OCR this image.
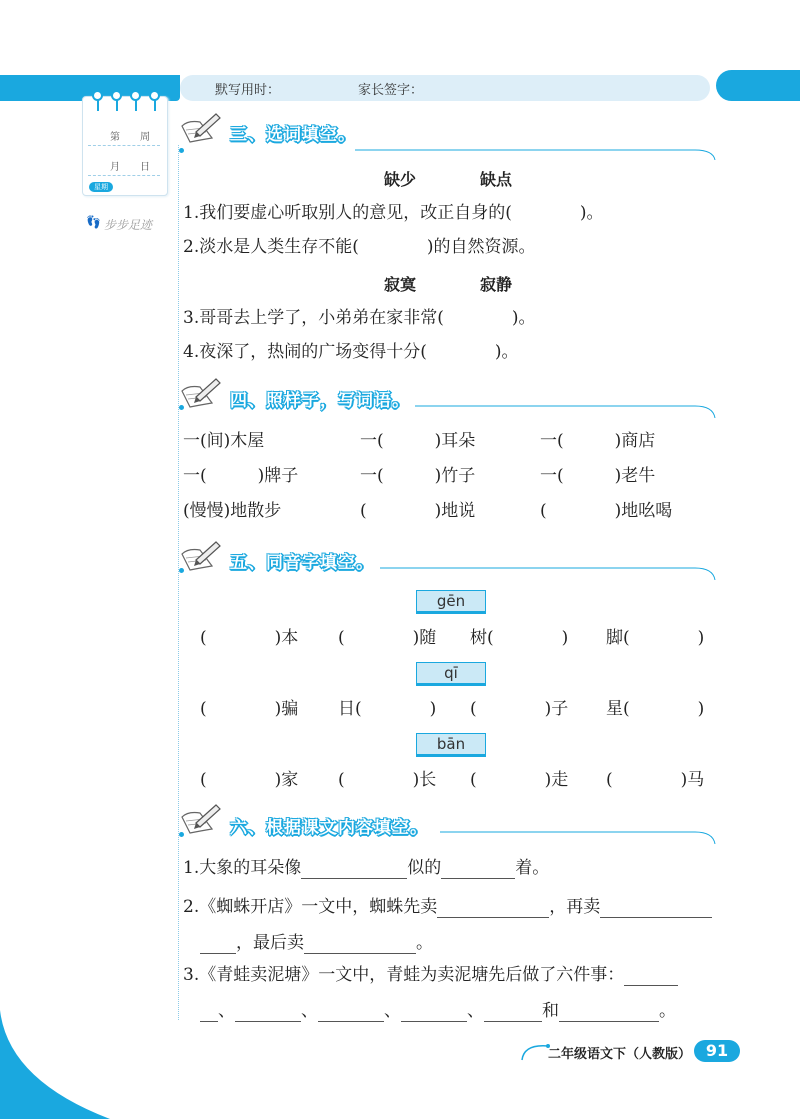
默写用时：	家长签字：
第　　周
月　　日
星期
👣 步步足迹
三、选词填空。
缺少	缺点
1.我们要虚心听取别人的意见，改正自身的(　　　　)。
2.淡水是人类生存不能(　　　　)的自然资源。
寂寞	寂静
3.哥哥去上学了，小弟弟在家非常(　　　　)。
4.夜深了，热闹的广场变得十分(　　　　)。
四、照样子，写词语。
一(间)木屋	一(　　　)耳朵	一(　　　)商店
一(　　　)牌子	一(　　　)竹子	一(　　　)老牛
(慢慢)地散步	(　　　　)地说	(　　　　)地吆喝
五、同音字填空。
gēn
(　　　　)本 (　　　　)随 树(　　　　) 脚(　　　　)
qī
(　　　　)骗 日(　　　　) (　　　　)子 星(　　　　)
bān
(　　　　)家 (　　　　)长 (　　　　)走 (　　　　)马
六、根据课文内容填空。
1.大象的耳朵像	似的	着。
2.《蜘蛛开店》一文中，蜘蛛先卖	，再卖
，最后卖	。
3.《青蛙卖泥塘》一文中，青蛙为卖泥塘先后做了六件事：
、	、	、	、	和	。
二年级语文下（人教版） 91
